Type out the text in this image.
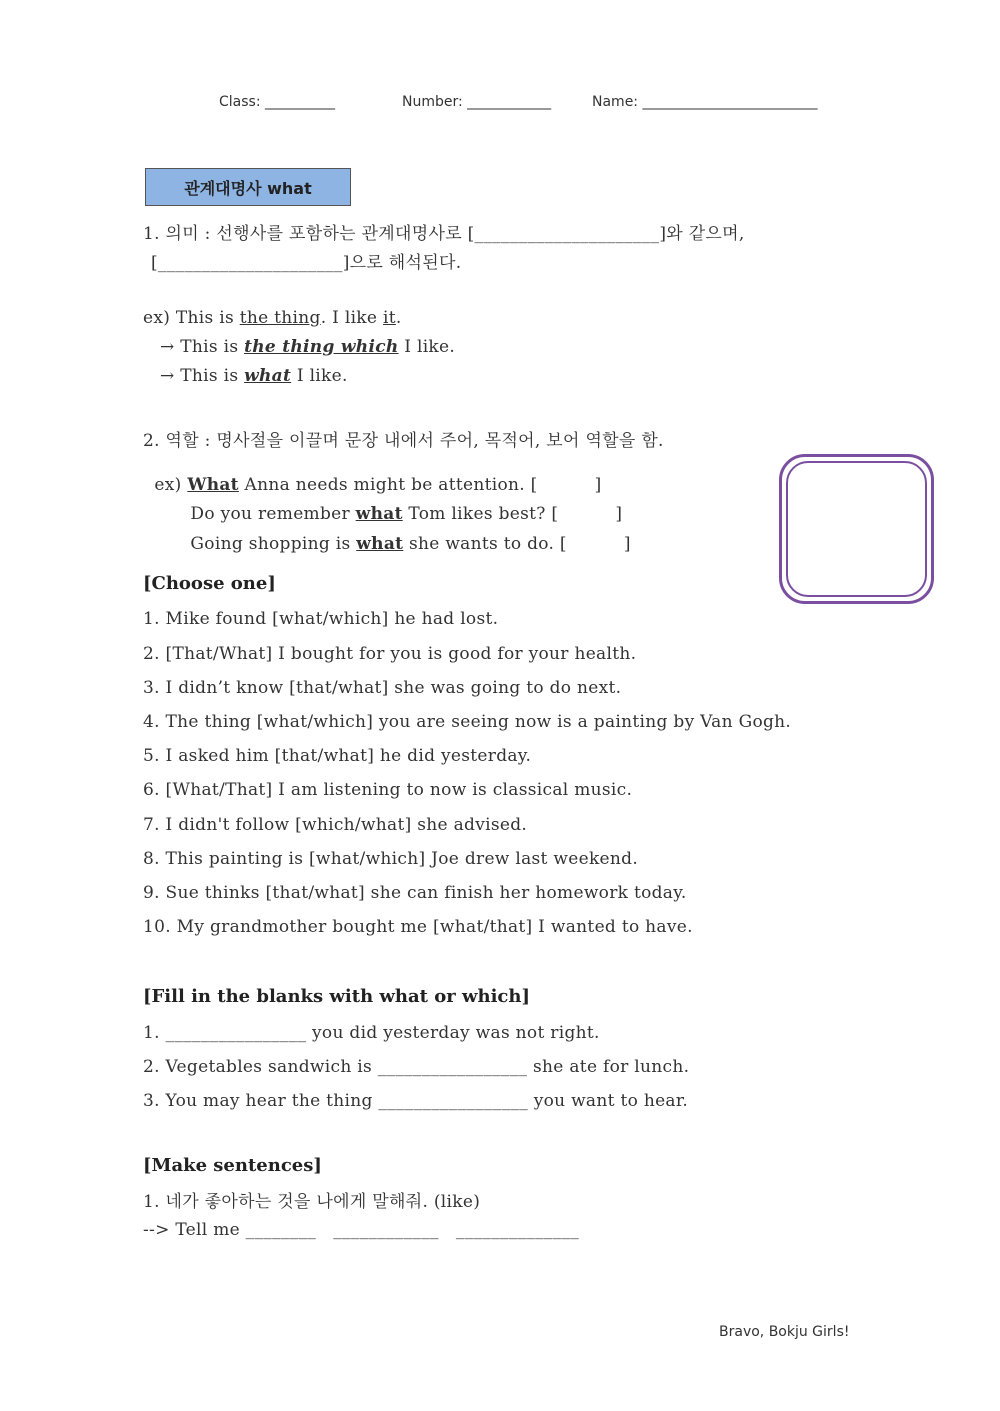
Class: __________	Number: ____________	Name: _________________________
관계대명사 what
1. 의미 : 선행사를 포함하는 관계대명사로 [_____________________]와 같으며,
[_____________________]으로 해석된다.
ex) This is the thing. I like it.
→ This is the thing which I like.
→ This is what I like.
2. 역할 : 명사절을 이끌며 문장 내에서 주어, 목적어, 보어 역할을 함.

ex) What Anna needs might be attention. [          ]

Do you remember what Tom likes best? [          ]

Going shopping is what she wants to do. [          ]

[Choose one]
1. Mike found [what/which] he had lost.
2. [That/What] I bought for you is good for your health.
3. I didn’t know [that/what] she was going to do next.
4. The thing [what/which] you are seeing now is a painting by Van Gogh.
5. I asked him [that/what] he did yesterday.
6. [What/That] I am listening to now is classical music.
7. I didn't follow [which/what] she advised.
8. This painting is [what/which] Joe drew last weekend.
9. Sue thinks [that/what] she can finish her homework today.
10. My grandmother bought me [what/that] I wanted to have.
[Fill in the blanks with what or which]
1. ________________ you did yesterday was not right.
2. Vegetables sandwich is _________________ she ate for lunch.
3. You may hear the thing _________________ you want to hear.
[Make sentences]
1. 네가 좋아하는 것을 나에게 말해줘. (like)
--> Tell me ________   ____________   ______________
Bravo, Bokju Girls!
